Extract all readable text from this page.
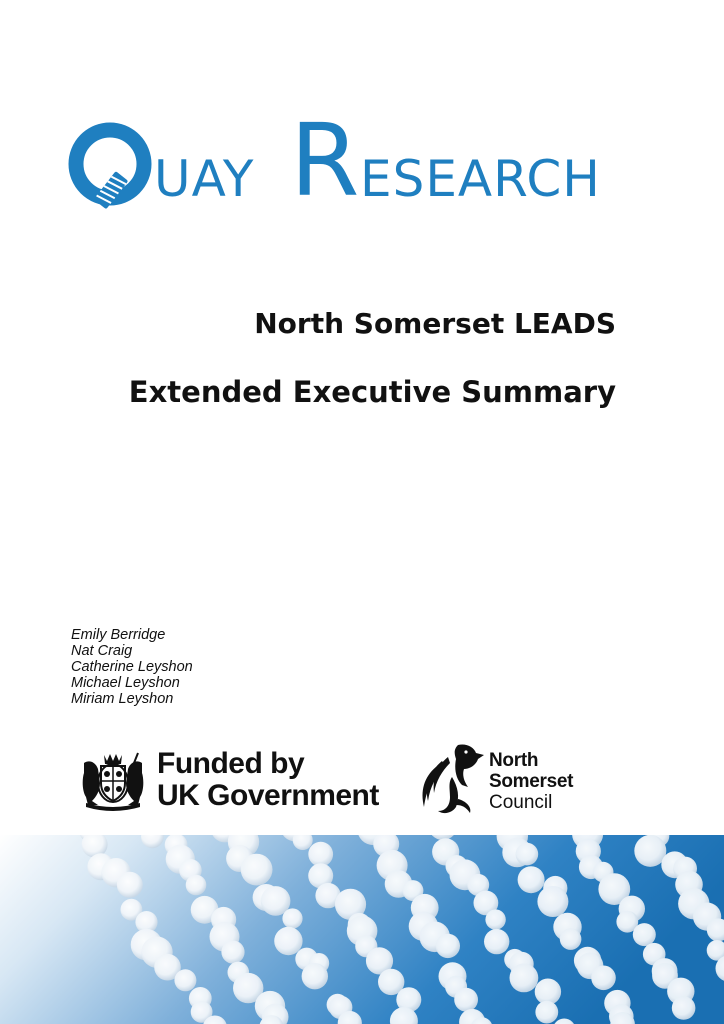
UAY R ESEARCH
North Somerset LEADS
Extended Executive Summary
Emily Berridge
Nat Craig
Catherine Leyshon
Michael Leyshon
Miriam Leyshon
Funded by
UK Government
North
Somerset
Council
